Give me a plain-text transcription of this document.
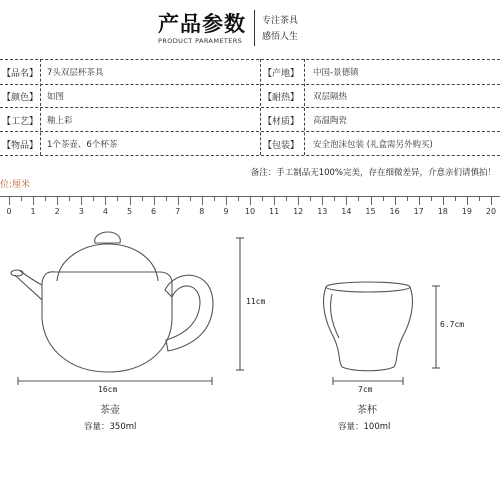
产品参数
PRODUCT PARAMETERS
专注茶具
感悟人生
【品名】 7头双层杯茶具	【产地】 中国-景德镇
【颜色】 如图	【耐热】 双层隔热
【工艺】 釉上彩	【材质】 高温陶瓷
【物品】 1个茶壶、6个杯茶	【包装】 安全泡沫包装 (礼盒需另外购买)
备注：手工制品无100%完美，存在细微差异，介意亲们请慎拍！
位:厘米
0 1 2 3 4 5 6 7 8 9 10 11 12 13 14 15 16 17 18 19 20
16cm
11cm
7cm
6.7cm
茶壶
容量：350ml
茶杯
容量：100ml
